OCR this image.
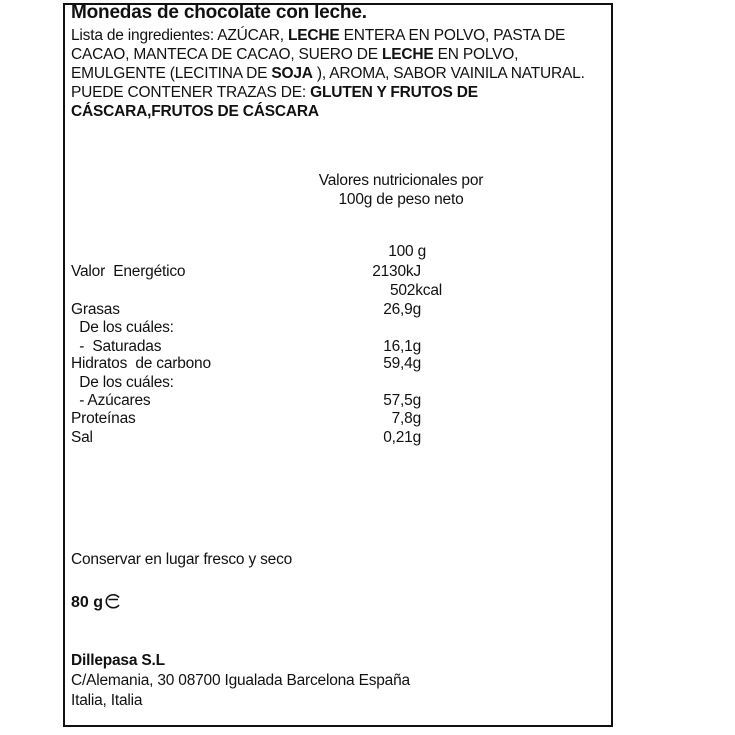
Monedas de chocolate con leche.
Lista de ingredientes: AZÚCAR, LECHE ENTERA EN POLVO, PASTA DE
CACAO, MANTECA DE CACAO, SUERO DE LECHE EN POLVO,
EMULGENTE (LECITINA DE SOJA ), AROMA, SABOR VAINILA NATURAL.
PUEDE CONTENER TRAZAS DE: GLUTEN Y FRUTOS DE
CÁSCARA,FRUTOS DE CÁSCARA
Valores nutricionales por
100g de peso neto
100 g
Valor  Energético	2130kJ
502kcal
Grasas	26,9g
De los cuáles:
-  Saturadas	16,1g
Hidratos  de carbono	59,4g
De los cuáles:
- Azúcares	57,5g
Proteínas	7,8g
Sal	0,21g
Conservar en lugar fresco y seco
80 g
Dillepasa S.L
C/Alemania, 30 08700 Igualada Barcelona España
Italia, Italia
